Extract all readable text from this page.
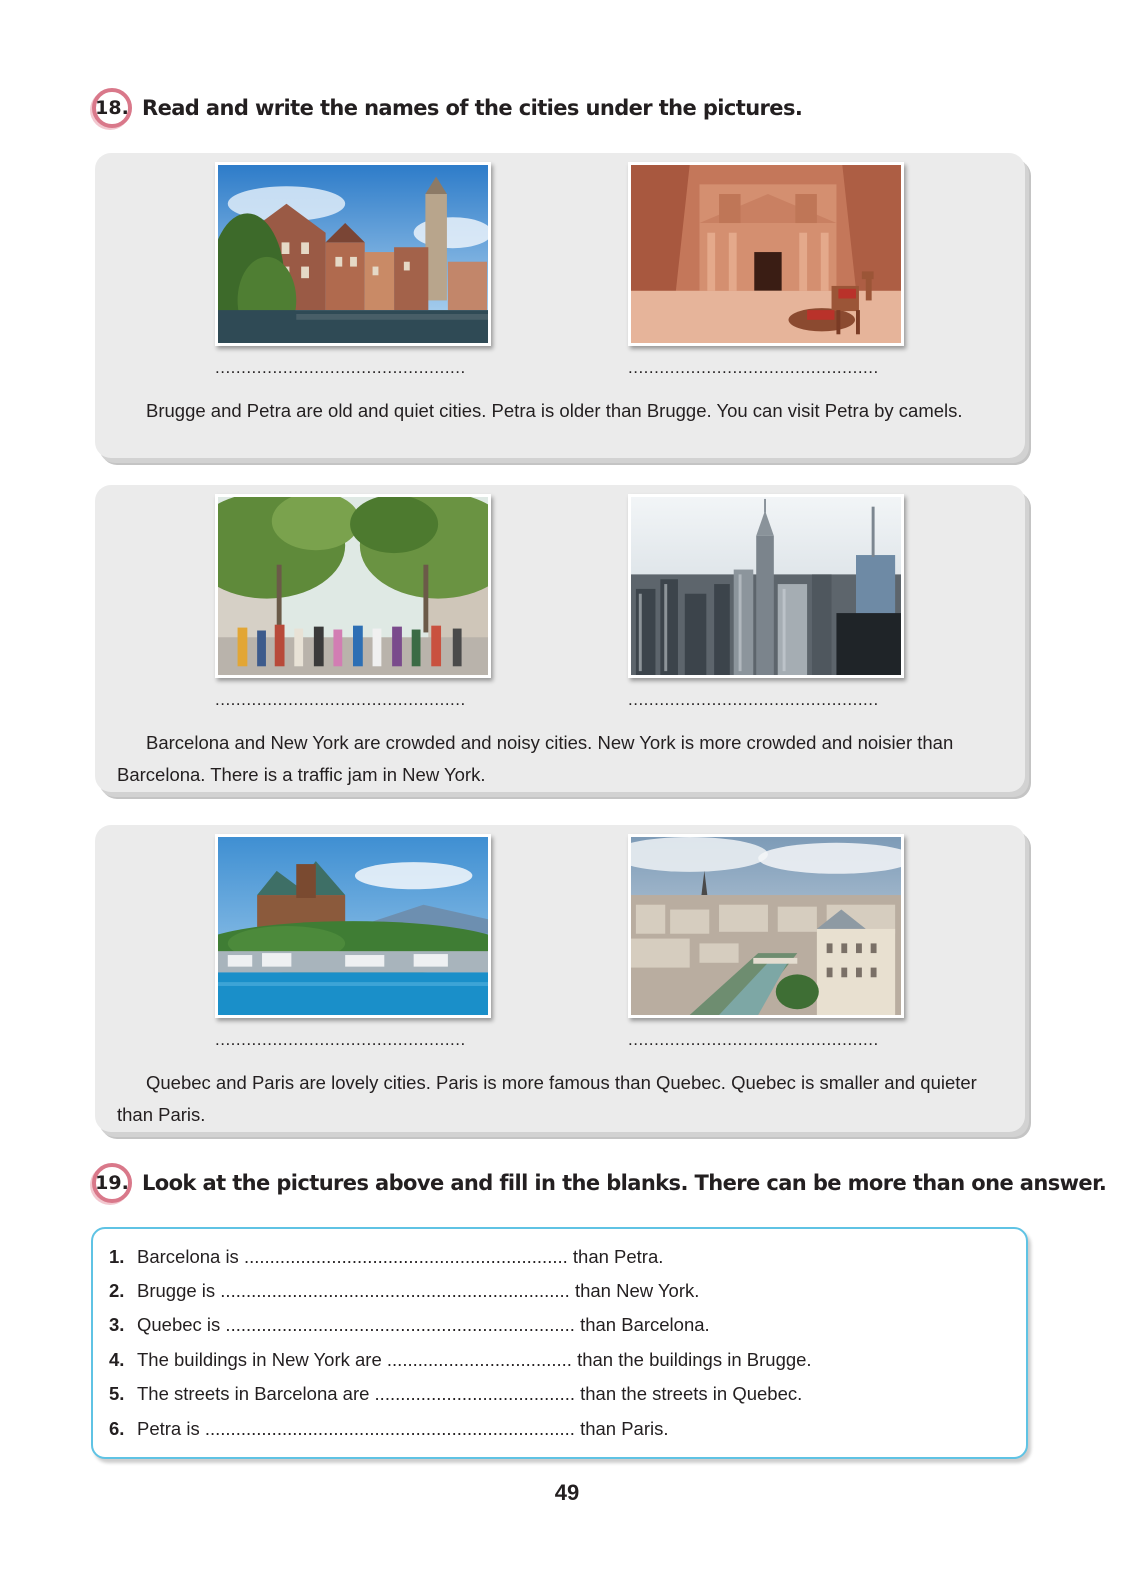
18. Read and write the names of the cities under the pictures.
................................................	................................................
Brugge and Petra are old and quiet cities. Petra is older than Brugge. You can visit Petra by camels.
................................................	................................................
Barcelona and New York are crowded and noisy cities. New York is more crowded and noisier than Barcelona. There is a traffic jam in New York.
................................................	................................................
Quebec and Paris are lovely cities. Paris is more famous than Quebec. Quebec is smaller and quieter than Paris.
19. Look at the pictures above and fill in the blanks. There can be more than one answer.
1. Barcelona is ............................................................... than Petra.
2. Brugge is .................................................................... than New York.
3. Quebec is .................................................................... than Barcelona.
4. The buildings in New York are .................................... than the buildings in Brugge.
5. The streets in Barcelona are ....................................... than the streets in Quebec.
6. Petra is ........................................................................ than Paris.
49
